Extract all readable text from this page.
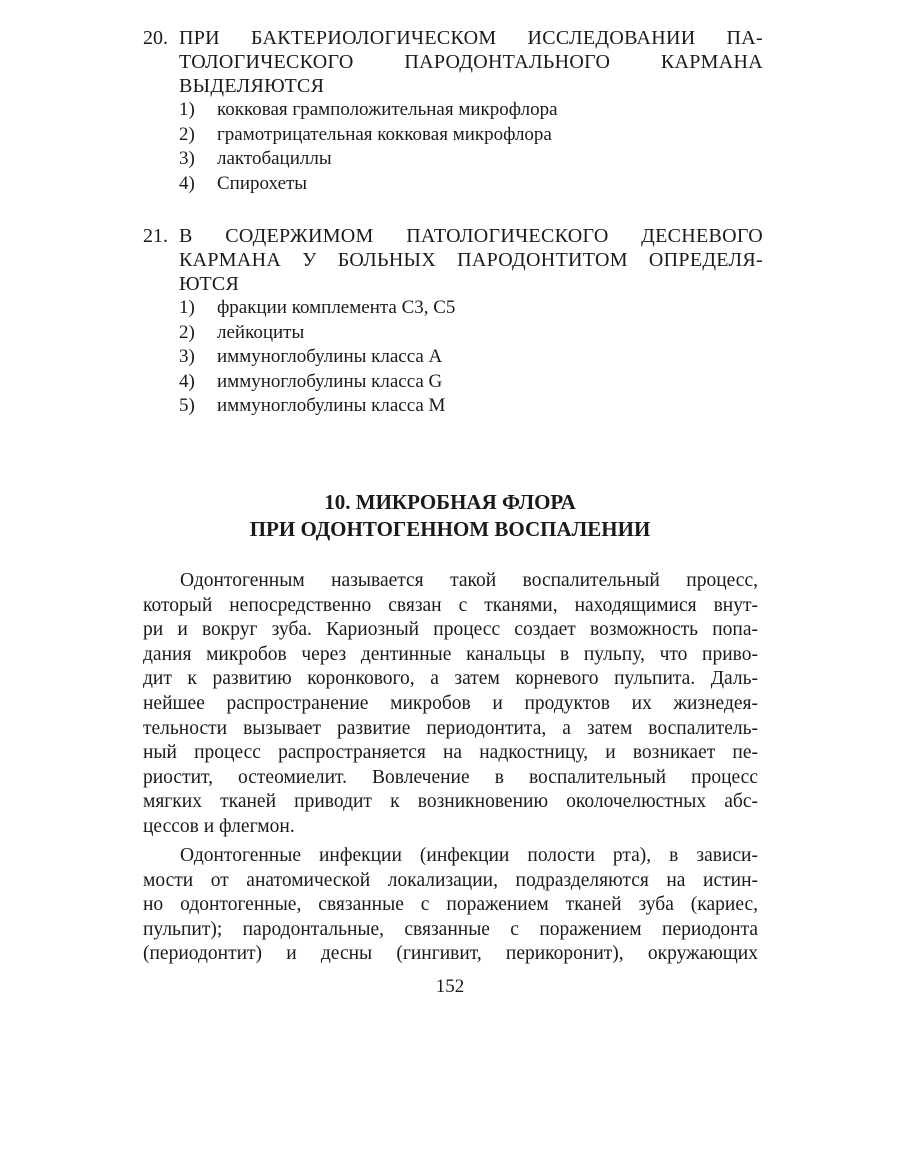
20. ПРИ БАКТЕРИОЛОГИЧЕСКОМ ИССЛЕДОВАНИИ ПА-
ТОЛОГИЧЕСКОГО ПАРОДОНТАЛЬНОГО КАРМАНА
ВЫДЕЛЯЮТСЯ
1)	кокковая грамположительная микрофлора
2)	грамотрицательная кокковая микрофлора
3)	лактобациллы
4)	Спирохеты
21. В СОДЕРЖИМОМ ПАТОЛОГИЧЕСКОГО ДЕСНЕВОГО
КАРМАНА У БОЛЬНЫХ ПАРОДОНТИТОМ ОПРЕДЕЛЯ-
ЮТСЯ
1)	фракции комплемента С3, С5
2)	лейкоциты
3)	иммуноглобулины класса А
4)	иммуноглобулины класса G
5)	иммуноглобулины класса М
10. МИКРОБНАЯ ФЛОРА
ПРИ ОДОНТОГЕННОМ ВОСПАЛЕНИИ
Одонтогенным называется такой воспалительный процесс,
который непосредственно связан с тканями, находящимися внут-
ри и вокруг зуба. Кариозный процесс создает возможность попа-
дания микробов через дентинные канальцы в пульпу, что приво-
дит к развитию коронкового, а затем корневого пульпита. Даль-
нейшее распространение микробов и продуктов их жизнедея-
тельности вызывает развитие периодонтита, а затем воспалитель-
ный процесс распространяется на надкостницу, и возникает пе-
риостит, остеомиелит. Вовлечение в воспалительный процесс
мягких тканей приводит к возникновению околочелюстных абс-
цессов и флегмон.
Одонтогенные инфекции (инфекции полости рта), в зависи-
мости от анатомической локализации, подразделяются на истин-
но одонтогенные, связанные с поражением тканей зуба (кариес,
пульпит); пародонтальные, связанные с поражением периодонта
(периодонтит) и десны (гингивит, перикоронит), окружающих
152
